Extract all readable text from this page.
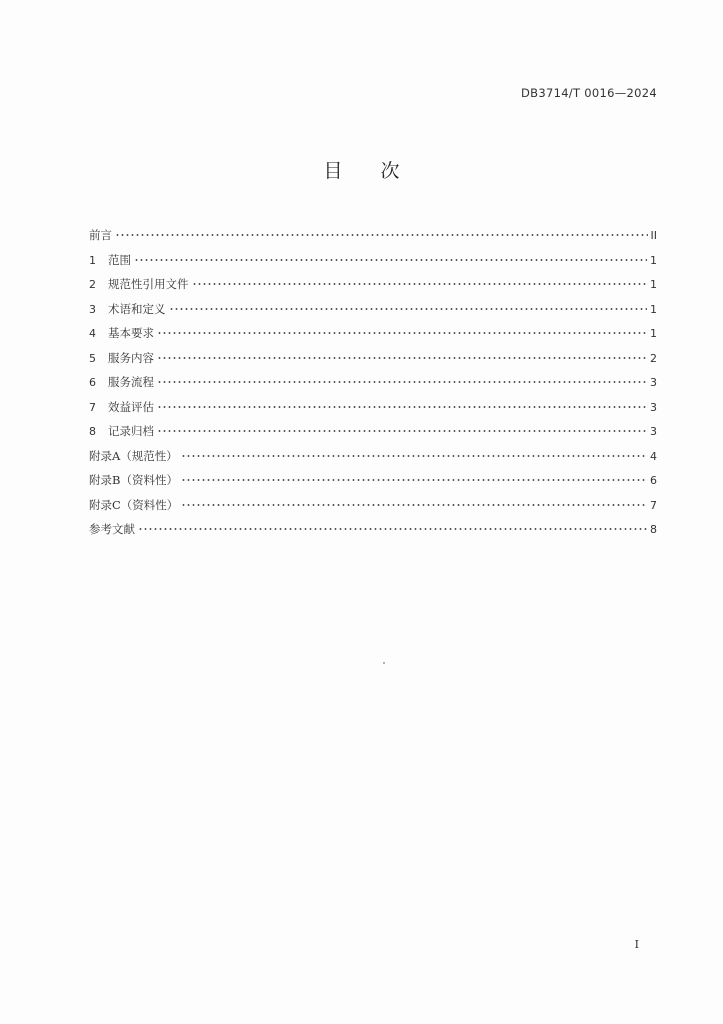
DB3714/T 0016—2024
目次
前言	II
1	范围	1
2	规范性引用文件	1
3	术语和定义	1
4	基本要求	1
5	服务内容	2
6	服务流程	3
7	效益评估	3
8	记录归档	3
附录A（规范性）	4
附录B（资料性）	6
附录C（资料性）	7
参考文献	8
I
